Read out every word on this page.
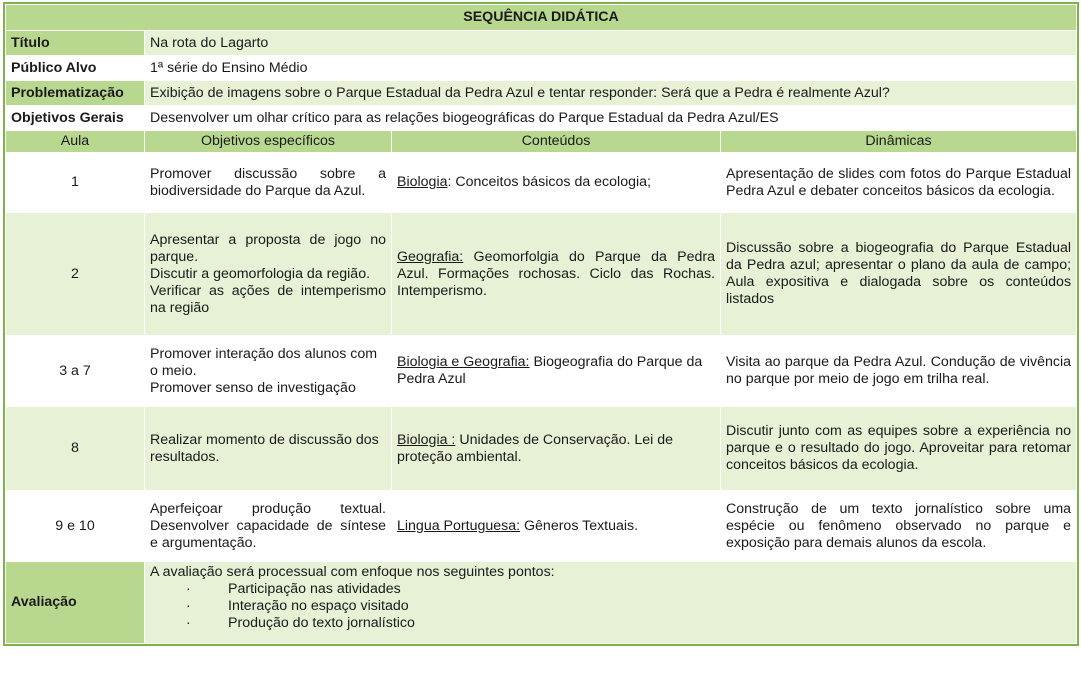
SEQUÊNCIA DIDÁTICA			
Título	Na rota do Lagarto		
Público Alvo	1ª série do Ensino Médio		
Problematização	Exibição de imagens sobre o Parque Estadual da Pedra Azul e tentar responder: Será que a Pedra é realmente Azul?		
Objetivos Gerais	Desenvolver um olhar crítico para as relações biogeográficas do Parque Estadual da Pedra Azul/ES		
Aula	Objetivos específicos	Conteúdos	Dinâmicas
1	Promover discussão sobre a biodiversidade do Parque da Azul.	Biologia: Conceitos básicos da ecologia;	Apresentação de slides com fotos do Parque Estadual Pedra Azul e debater conceitos básicos da ecologia.
2	Apresentar a proposta de jogo no parque.
Discutir a geomorfologia da região.
Verificar as ações de intemperismo na região	Geografia: Geomorfolgia do Parque da Pedra Azul. Formações rochosas. Ciclo das Rochas. Intemperismo.	Discussão sobre a biogeografia do Parque Estadual da Pedra azul; apresentar o plano da aula de campo; Aula expositiva e dialogada sobre os conteúdos listados
3 a 7	Promover interação dos alunos com o meio.
Promover senso de investigação	Biologia e Geografia: Biogeografia do Parque da Pedra Azul	Visita ao parque da Pedra Azul. Condução de vivência no parque por meio de jogo em trilha real.
8	Realizar momento de discussão dos resultados.	Biologia : Unidades de Conservação. Lei de proteção ambiental.	Discutir junto com as equipes sobre a experiência no parque e o resultado do jogo. Aproveitar para retomar conceitos básicos da ecologia.
9 e 10	Aperfeiçoar produção textual. Desenvolver capacidade de síntese e argumentação.	Lingua Portuguesa: Gêneros Textuais.	Construção de um texto jornalístico sobre uma espécie ou fenômeno observado no parque e exposição para demais alunos da escola.
Avaliação	A avaliação será processual com enfoque nos seguintes pontos:
· Participação nas atividades
· Interação no espaço visitado
· Produção do texto jornalístico		
